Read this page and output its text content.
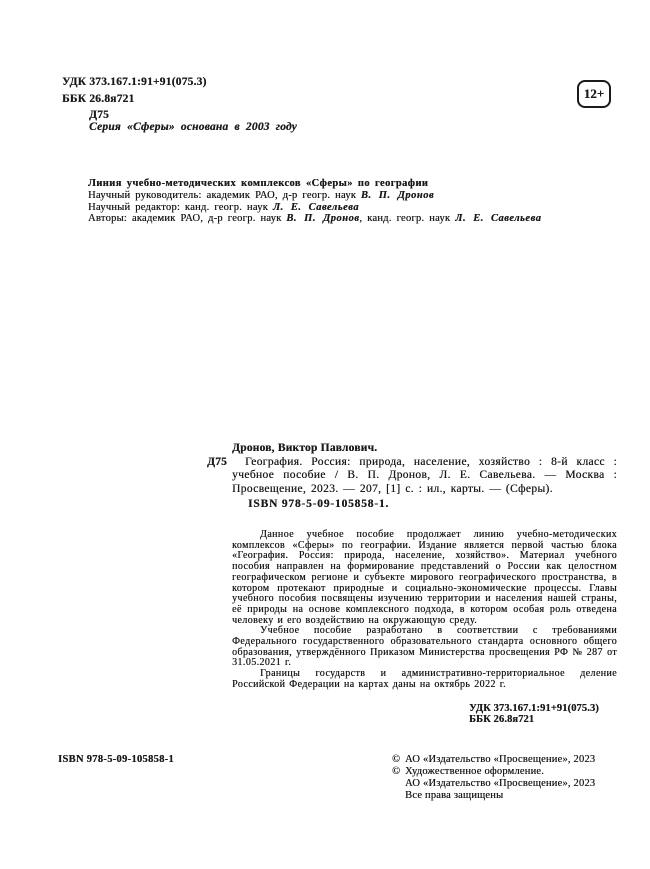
УДК 373.167.1:91+91(075.3)
ББК 26.8я721
Д75
Серия «Сферы» основана в 2003 году
12+
Линия учебно-методических комплексов «Сферы» по географии
Научный руководитель: академик РАО, д-р геогр. наук В. П. Дронов
Научный редактор: канд. геогр. наук Л. Е. Савельева
Авторы: академик РАО, д-р геогр. наук В. П. Дронов, канд. геогр. наук Л. Е. Савельева
Дронов, Виктор Павлович.
Д75	География. Россия: природа, население, хозяйство : 8-й класс : учебное пособие / В. П. Дронов, Л. Е. Савельева. — Москва : Просвещение, 2023. — 207, [1] с. : ил., карты. — (Сферы).

ISBN 978-5-09-105858-1.

Данное учебное пособие продолжает линию учебно-методических комплексов «Сферы» по географии. Издание является первой частью блока «География. Россия: природа, население, хозяйство». Материал учебного пособия направлен на формирование представлений о России как целостном географическом регионе и субъекте мирового географического пространства, в котором протекают природные и социально-экономические процессы. Главы учебного пособия посвящены изучению территории и населения нашей страны, её природы на основе комплексного подхода, в котором особая роль отведена человеку и его воздействию на окружающую среду.

Учебное пособие разработано в соответствии с требованиями Федерального государственного образовательного стандарта основного общего образования, утверждённого Приказом Министерства просвещения РФ № 287 от 31.05.2021 г.

Границы государств и административно-территориальное деление Российской Федерации на картах даны на октябрь 2022 г.

УДК 373.167.1:91+91(075.3)
ББК 26.8я721
ISBN 978-5-09-105858-1	© АО «Издательство «Просвещение», 2023
© Художественное оформление.
АО «Издательство «Просвещение», 2023
Все права защищены
